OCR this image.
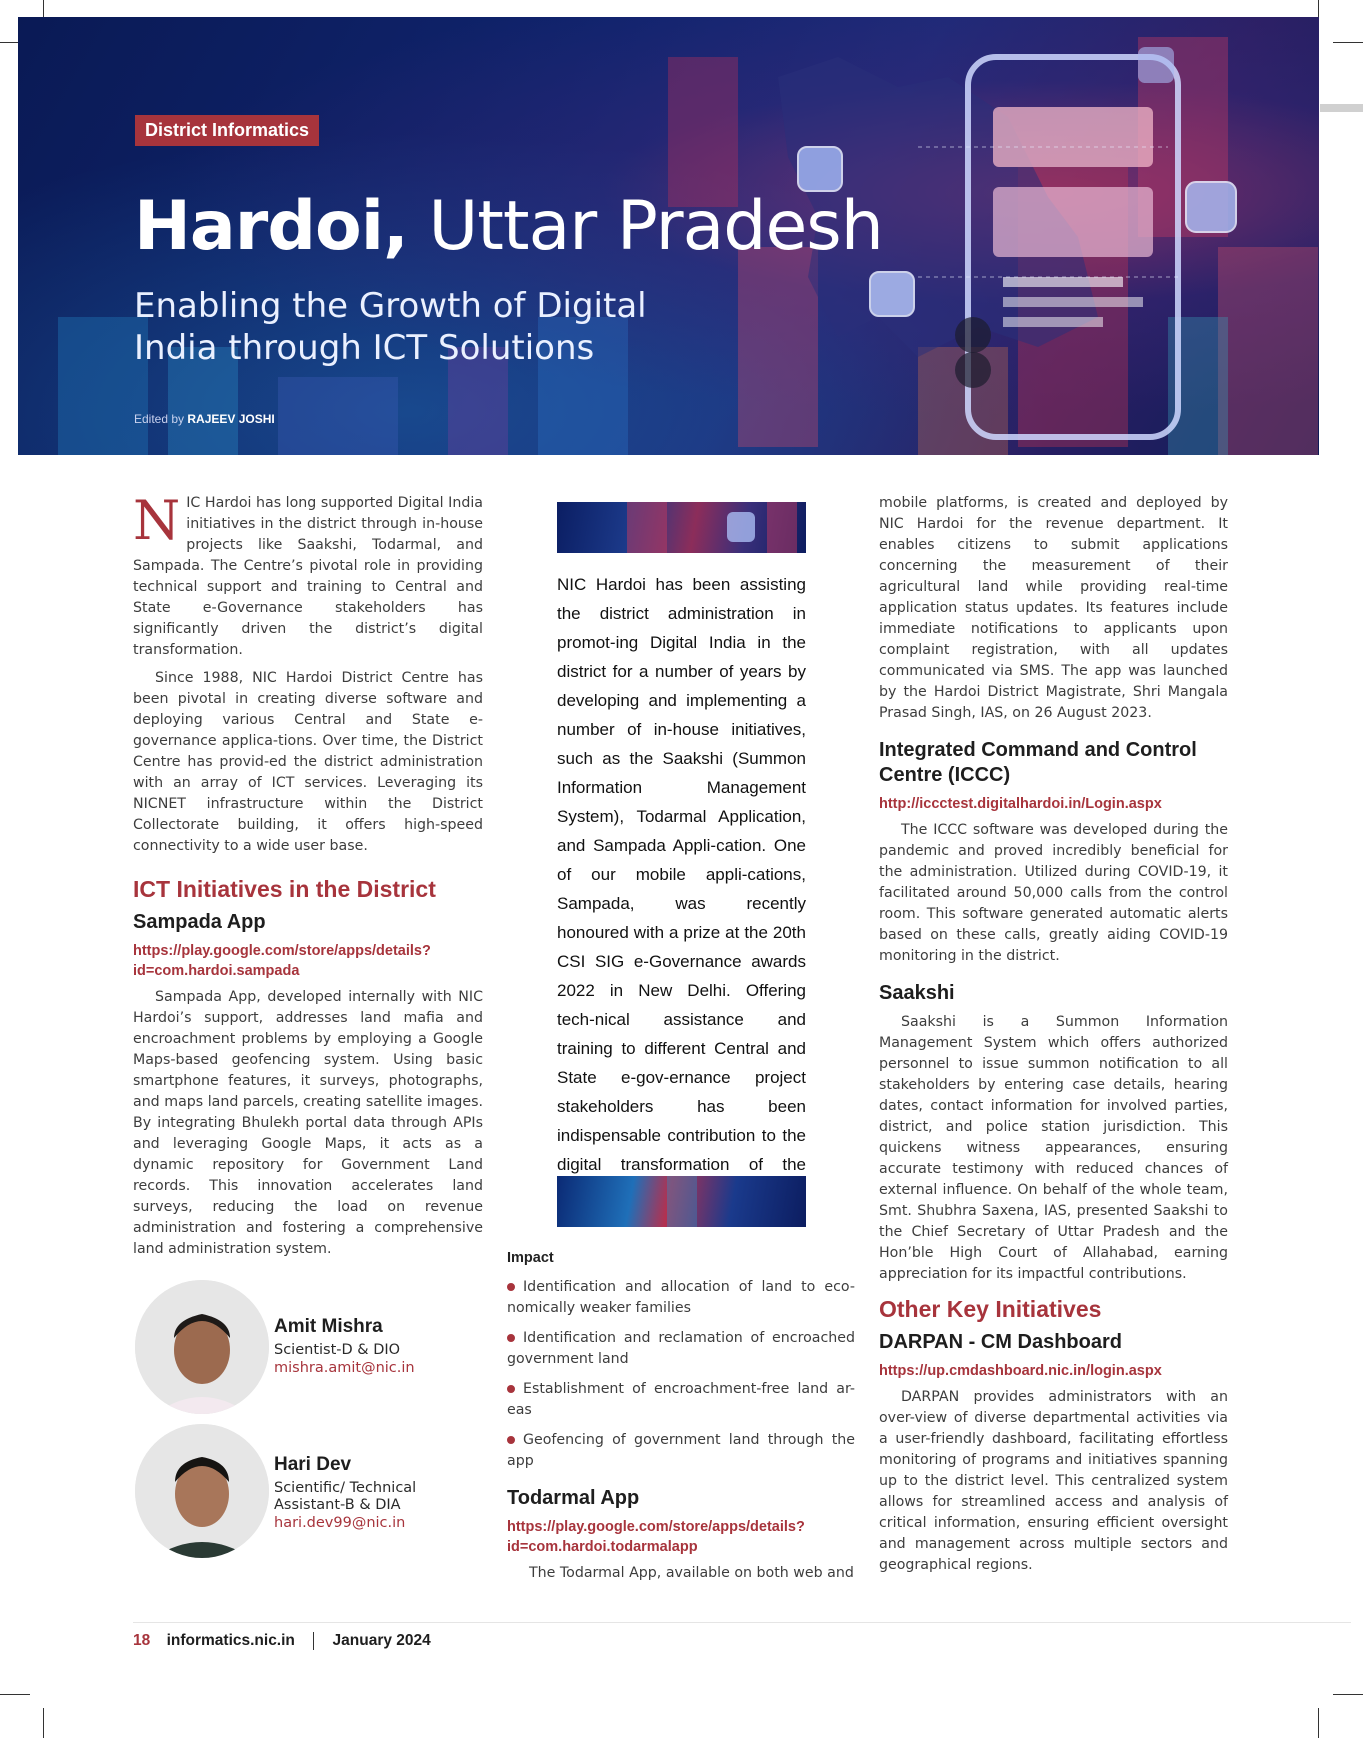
District Informatics
Hardoi, Uttar Pradesh
Enabling the Growth of Digital
India through ICT Solutions
Edited by RAJEEV JOSHI

NIC Hardoi has long supported Digital India initiatives in the district through in-house projects like Saakshi, Todarmal, and Sampada. The Centre’s pivotal role in providing technical support and training to Central and State e-Governance stakeholders has significantly driven the district’s digital transformation.

Since 1988, NIC Hardoi District Centre has been pivotal in creating diverse software and deploying various Central and State e-governance applica-tions. Over time, the District Centre has provid-ed the district administration with an array of ICT services. Leveraging its NICNET infrastructure within the District Collectorate building, it offers high-speed connectivity to a wide user base.

ICT Initiatives in the District
Sampada App
https://play.google.com/store/apps/details?id=com.hardoi.sampada

Sampada App, developed internally with NIC Hardoi’s support, addresses land mafia and encroachment problems by employing a Google Maps-based geofencing system. Using basic smartphone features, it surveys, photographs, and maps land parcels, creating satellite images. By integrating Bhulekh portal data through APIs and leveraging Google Maps, it acts as a dynamic repository for Government Land records. This innovation accelerates land surveys, reducing the load on revenue administration and fostering a comprehensive land administration system.

NIC Hardoi has been assisting the district administration in promot-ing Digital India in the district for a number of years by developing and implementing a number of in-house initiatives, such as the Saakshi (Summon Information Management System), Todarmal Application, and Sampada Appli-cation. One of our mobile appli-cations, Sampada, was recently honoured with a prize at the 20th CSI SIG e-Governance awards 2022 in New Delhi. Offering tech-nical assistance and training to different Central and State e-gov-ernance project stakeholders has been indispensable contribution to the digital transformation of the
Impact
Identification and allocation of land to eco-nomically weaker families
Identification and reclamation of encroached government land
Establishment of encroachment-free land ar-eas
Geofencing of government land through the app
Todarmal App
https://play.google.com/store/apps/details?id=com.hardoi.todarmalapp

The Todarmal App, available on both web and

Amit Mishra
Scientist-D & DIO
mishra.amit@nic.in
Hari Dev
Scientific/ Technical
Assistant-B & DIA
hari.dev99@nic.in

mobile platforms, is created and deployed by NIC Hardoi for the revenue department. It enables citizens to submit applications concerning the measurement of their agricultural land while providing real-time application status updates. Its features include immediate notifications to applicants upon complaint registration, with all updates communicated via SMS. The app was launched by the Hardoi District Magistrate, Shri Mangala Prasad Singh, IAS, on 26 August 2023.

Integrated Command and Control Centre (ICCC)
http://iccctest.digitalhardoi.in/Login.aspx

The ICCC software was developed during the pandemic and proved incredibly beneficial for the administration. Utilized during COVID-19, it facilitated around 50,000 calls from the control room. This software generated automatic alerts based on these calls, greatly aiding COVID-19 monitoring in the district.

Saakshi

Saakshi is a Summon Information Management System which offers authorized personnel to issue summon notification to all stakeholders by entering case details, hearing dates, contact information for involved parties, district, and police station jurisdiction. This quickens witness appearances, ensuring accurate testimony with reduced chances of external influence. On behalf of the whole team, Smt. Shubhra Saxena, IAS, presented Saakshi to the Chief Secretary of Uttar Pradesh and the Hon’ble High Court of Allahabad, earning appreciation for its impactful contributions.

Other Key Initiatives
DARPAN - CM Dashboard
https://up.cmdashboard.nic.in/login.aspx

DARPAN provides administrators with an over-view of diverse departmental activities via a user-friendly dashboard, facilitating effortless monitoring of programs and initiatives spanning up to the district level. This centralized system allows for streamlined access and analysis of critical information, ensuring efficient oversight and management across multiple sectors and geographical regions.

18 informatics.nic.in January 2024
